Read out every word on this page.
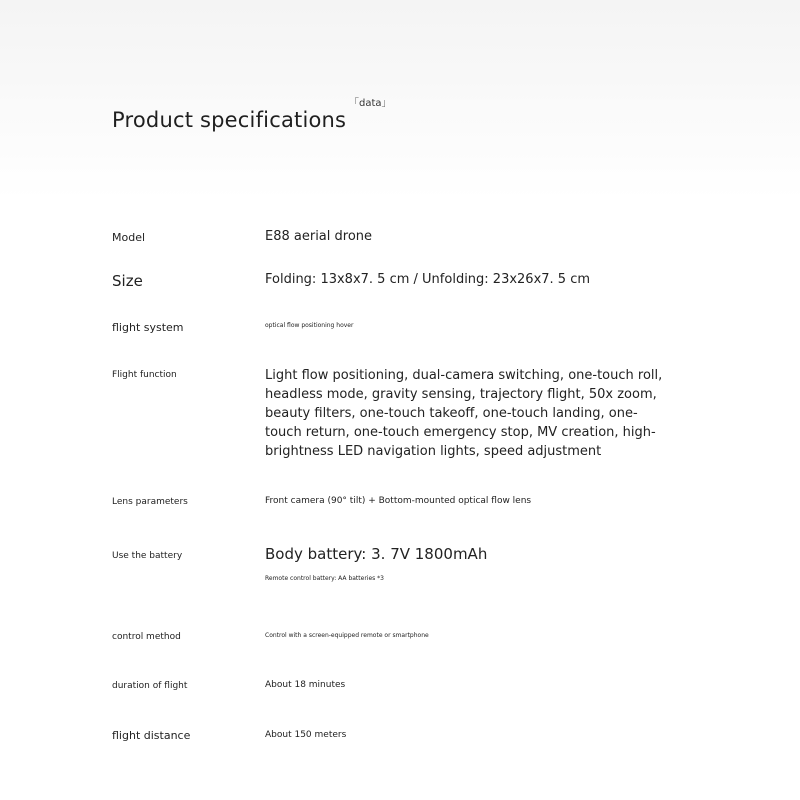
Product specifications
「data」
Model	E88 aerial drone
Size	Folding: 13x8x7. 5 cm / Unfolding: 23x26x7. 5 cm
flight system	optical flow positioning hover
Flight function	Light flow positioning, dual-camera switching, one-touch roll, headless mode, gravity sensing, trajectory flight, 50x zoom, beauty filters, one-touch takeoff, one-touch landing, one-touch return, one-touch emergency stop, MV creation, high-brightness LED navigation lights, speed adjustment
Lens parameters	Front camera (90° tilt) + Bottom-mounted optical flow lens
Use the battery	Body battery: 3. 7V 1800mAh
Remote control battery: AA batteries *3
control method	Control with a screen-equipped remote or smartphone
duration of flight	About 18 minutes
flight distance	About 150 meters
